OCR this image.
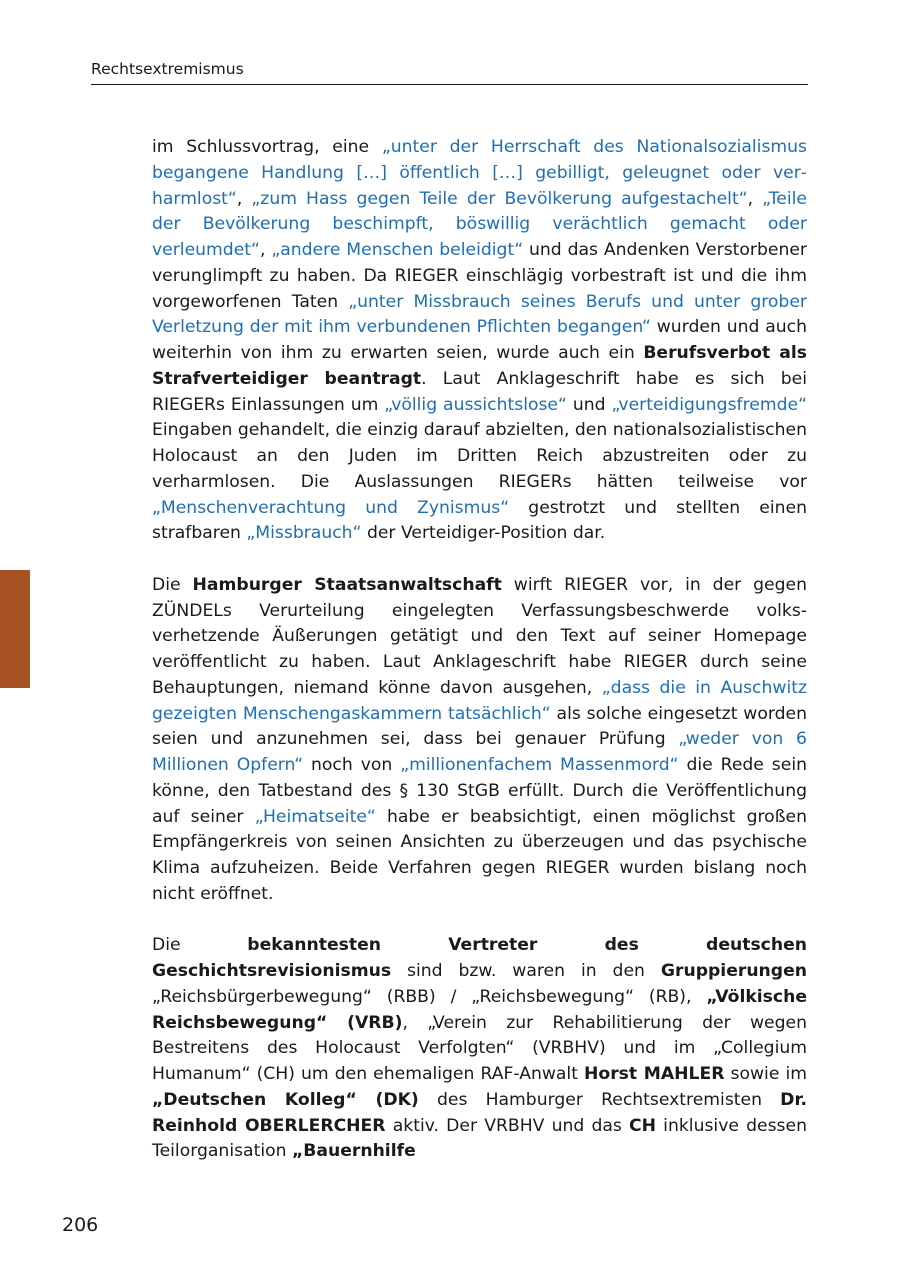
Rechtsextremismus

im Schlussvortrag, eine „unter der Herrschaft des Nationalsozialismus begangene Handlung […] öffentlich […] gebilligt, geleugnet oder verharmlost“, „zum Hass gegen Teile der Bevölkerung aufgestachelt“, „Teile der Bevölkerung beschimpft, böswillig verächtlich gemacht oder verleumdet“, „andere Menschen beleidigt“ und das Andenken Verstorbener verunglimpft zu haben. Da RIEGER einschlägig vorbestraft ist und die ihm vorgeworfenen Taten „unter Missbrauch seines Berufs und unter grober Verletzung der mit ihm verbundenen Pflichten begangen“ wurden und auch weiterhin von ihm zu erwarten seien, wurde auch ein Berufsverbot als Strafverteidiger beantragt. Laut Anklageschrift habe es sich bei RIEGERs Einlassungen um „völlig aussichtslose“ und „verteidigungsfremde“ Eingaben gehandelt, die einzig darauf abzielten, den nationalsozialistischen Holocaust an den Juden im Dritten Reich abzustreiten oder zu verharmlosen. Die Auslassungen RIEGERs hätten teilweise vor „Menschenverachtung und Zynismus“ gestrotzt und stellten einen strafbaren „Missbrauch“ der Verteidiger-Position dar.

Die Hamburger Staatsanwaltschaft wirft RIEGER vor, in der gegen ZÜNDELs Verurteilung eingelegten Verfassungsbeschwerde volksverhetzende Äußerungen getätigt und den Text auf seiner Homepage veröffentlicht zu haben. Laut Anklageschrift habe RIEGER durch seine Behauptungen, niemand könne davon ausgehen, „dass die in Auschwitz gezeigten Menschengaskammern tatsächlich“ als solche eingesetzt worden seien und anzunehmen sei, dass bei genauer Prüfung „weder von 6 Millionen Opfern“ noch von „millionenfachem Massenmord“ die Rede sein könne, den Tatbestand des § 130 StGB erfüllt. Durch die Veröffentlichung auf seiner „Heimatseite“ habe er beabsichtigt, einen möglichst großen Empfängerkreis von seinen Ansichten zu überzeugen und das psychische Klima aufzuheizen. Beide Verfahren gegen RIEGER wurden bislang noch nicht eröffnet.

Die bekanntesten Vertreter des deutschen Geschichtsrevisionismus sind bzw. waren in den Gruppierungen „Reichsbürgerbewegung“ (RBB) / „Reichsbewegung“ (RB), „Völkische Reichsbewegung“ (VRB), „Verein zur Rehabilitierung der wegen Bestreitens des Holocaust Verfolgten“ (VRBHV) und im „Collegium Humanum“ (CH) um den ehemaligen RAF-Anwalt Horst MAHLER sowie im „Deutschen Kolleg“ (DK) des Hamburger Rechtsextremisten Dr. Reinhold OBERLERCHER aktiv. Der VRBHV und das CH inklusive dessen Teilorganisation „Bauernhilfe

206
